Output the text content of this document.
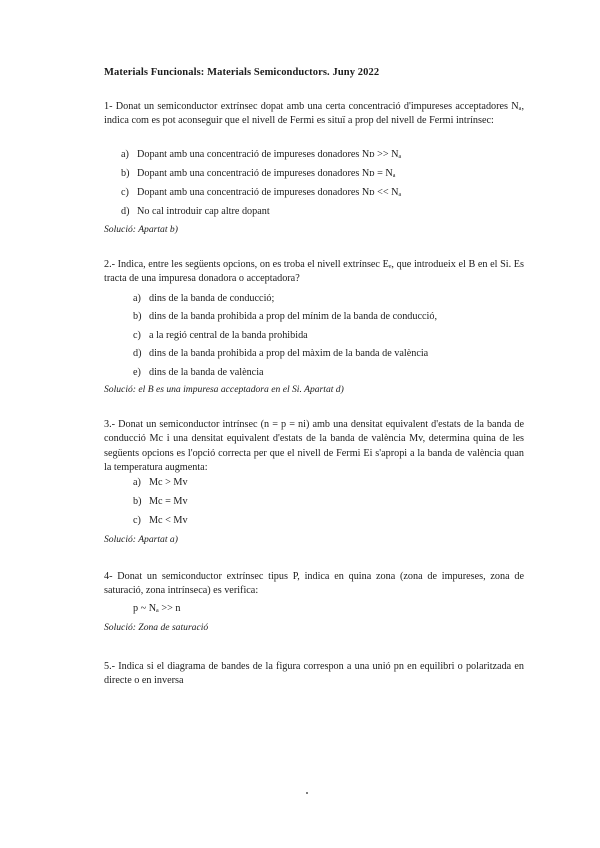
Materials Funcionals: Materials Semiconductors. Juny 2022

1- Donat un semiconductor extrínsec dopat amb una certa concentració d'impureses acceptadores Nₐ, indica com es pot aconseguir que el nivell de Fermi es situï a prop del nivell de Fermi intrínsec:

a) Dopant amb una concentració de impureses donadores Nᴅ >> Nₐ
b) Dopant amb una concentració de impureses donadores Nᴅ = Nₐ
c) Dopant amb una concentració de impureses donadores Nᴅ << Nₐ
d) No cal introduir cap altre dopant
Solució: Apartat b)

2.- Indica, entre les següents opcions, on es troba el nivell extrínsec Eₑ, que introdueix el B en el Si. Es tracta de una impuresa donadora o acceptadora?

a) dins de la banda de conducció;
b) dins de la banda prohibida a prop del mínim de la banda de conducció,
c) a la regió central de la banda prohibida
d) dins de la banda prohibida a prop del màxim de la banda de valència
e) dins de la banda de valència
Solució: el B es una impuresa acceptadora en el Si. Apartat d)

3.- Donat un semiconductor intrínsec (n = p = ni) amb una densitat equivalent d'estats de la banda de conducció Mc i una densitat equivalent d'estats de la banda de valència Mv, determina quina de les següents opcions es l'opció correcta per que el nivell de Fermi Ei s'apropi a la banda de valència quan la temperatura augmenta:

a) Mc > Mv
b) Mc = Mv
c) Mc < Mv
Solució: Apartat a)

4- Donat un semiconductor extrínsec tipus P, indica en quina zona (zona de impureses, zona de saturació, zona intrínseca) es verifica:

p ~ Nₐ >> n
Solució: Zona de saturació

5.- Indica si el diagrama de bandes de la figura correspon a una unió pn en equilibri o polaritzada en directe o en inversa
